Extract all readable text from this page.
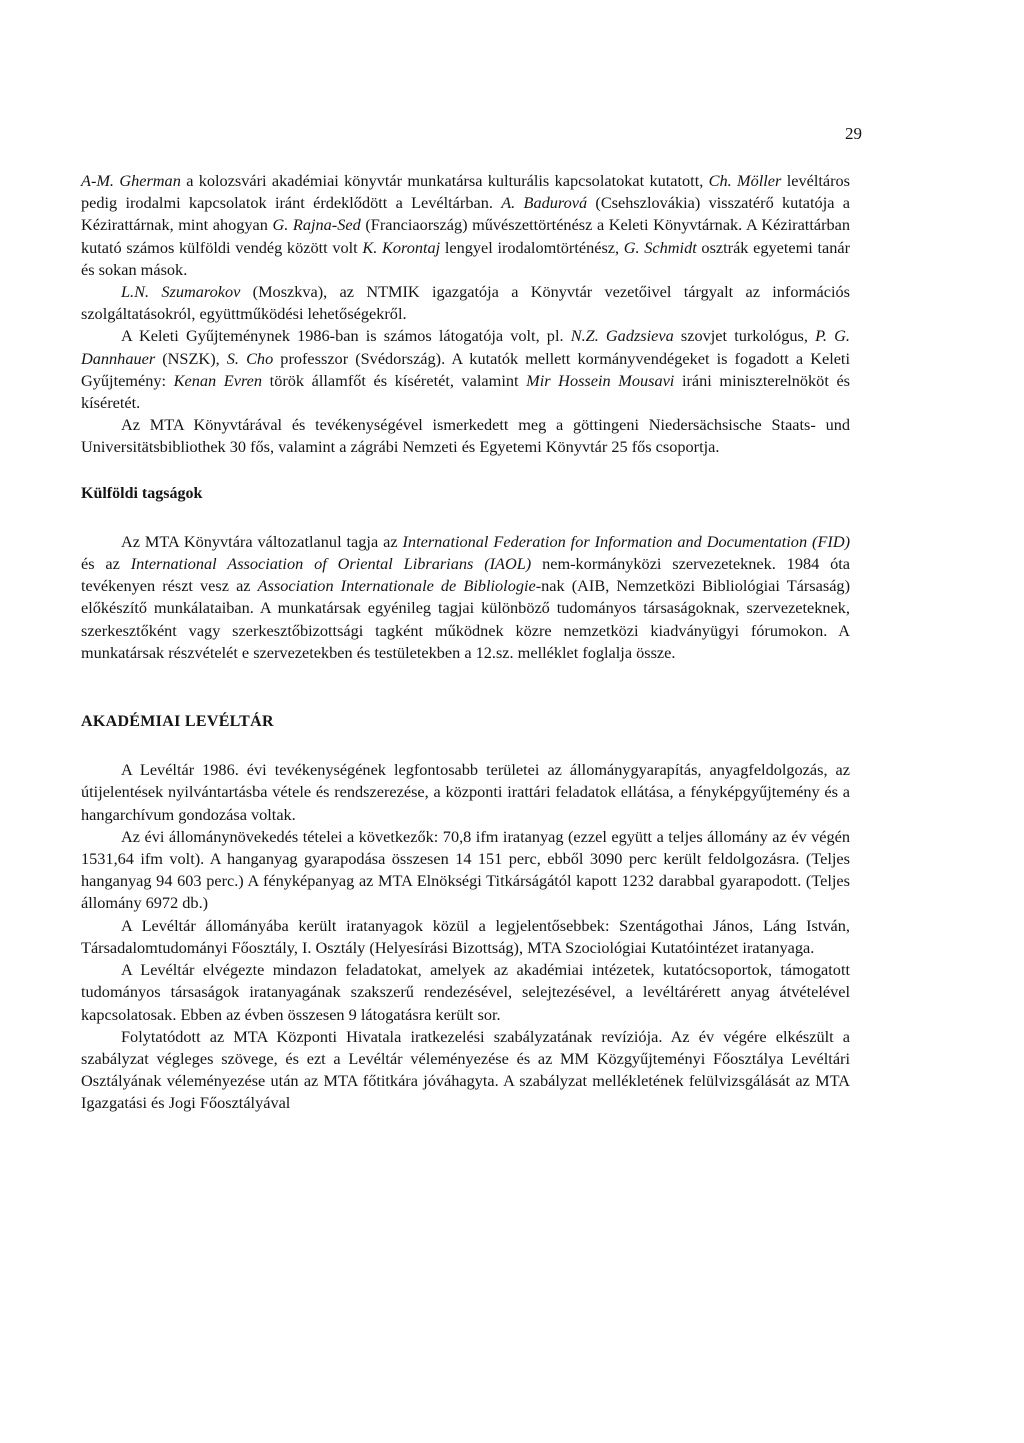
29

A-M. Gherman a kolozsvári akadémiai könyvtár munkatársa kulturális kapcsolatokat kutatott, Ch. Möller levéltáros pedig irodalmi kapcsolatok iránt érdeklődött a Levéltárban. A. Badurová (Csehszlovákia) visszatérő kutatója a Kézirattárnak, mint ahogyan G. Rajna-Sed (Franciaország) művészettörténész a Keleti Könyvtárnak. A Kézirattárban kutató számos külföldi vendég között volt K. Korontaj lengyel irodalomtörténész, G. Schmidt osztrák egyetemi tanár és sokan mások.

L.N. Szumarokov (Moszkva), az NTMIK igazgatója a Könyvtár vezetőivel tárgyalt az információs szolgáltatásokról, együttműködési lehetőségekről.

A Keleti Gyűjteménynek 1986-ban is számos látogatója volt, pl. N.Z. Gadzsieva szovjet turkológus, P. G. Dannhauer (NSZK), S. Cho professzor (Svédország). A kutatók mellett kormányvendégeket is fogadott a Keleti Gyűjtemény: Kenan Evren török államfőt és kíséretét, valamint Mir Hossein Mousavi iráni miniszterelnököt és kíséretét.

Az MTA Könyvtárával és tevékenységével ismerkedett meg a göttingeni Niedersächsische Staats- und Universitätsbibliothek 30 fős, valamint a zágrábi Nemzeti és Egyetemi Könyvtár 25 fős csoportja.

Külföldi tagságok

Az MTA Könyvtára változatlanul tagja az International Federation for Information and Documentation (FID) és az International Association of Oriental Librarians (IAOL) nem-kormányközi szervezeteknek. 1984 óta tevékenyen részt vesz az Association Internationale de Bibliologie-nak (AIB, Nemzetközi Bibliológiai Társaság) előkészítő munkálataiban. A munkatársak egyénileg tagjai különböző tudományos társaságoknak, szervezeteknek, szerkesztőként vagy szerkesztőbizottsági tagként működnek közre nemzetközi kiadványügyi fórumokon. A munkatársak részvételét e szervezetekben és testületekben a 12.sz. melléklet foglalja össze.

AKADÉMIAI LEVÉLTÁR

A Levéltár 1986. évi tevékenységének legfontosabb területei az állománygyarapítás, anyagfeldolgozás, az útijelentések nyilvántartásba vétele és rendszerezése, a központi irattári feladatok ellátása, a fényképgyűjtemény és a hangarchívum gondozása voltak.

Az évi állománynövekedés tételei a következők: 70,8 ifm iratanyag (ezzel együtt a teljes állomány az év végén 1531,64 ifm volt). A hanganyag gyarapodása összesen 14 151 perc, ebből 3090 perc került feldolgozásra. (Teljes hanganyag 94 603 perc.) A fényképanyag az MTA Elnökségi Titkárságától kapott 1232 darabbal gyarapodott. (Teljes állomány 6972 db.)

A Levéltár állományába került iratanyagok közül a legjelentősebbek: Szentágothai János, Láng István, Társadalomtudományi Főosztály, I. Osztály (Helyesírási Bizottság), MTA Szociológiai Kutatóintézet iratanyaga.

A Levéltár elvégezte mindazon feladatokat, amelyek az akadémiai intézetek, kutatócsoportok, támogatott tudományos társaságok iratanyagának szakszerű rendezésével, selejtezésével, a levéltárérett anyag átvételével kapcsolatosak. Ebben az évben összesen 9 látogatásra került sor.

Folytatódott az MTA Központi Hivatala iratkezelési szabályzatának revíziója. Az év végére elkészült a szabályzat végleges szövege, és ezt a Levéltár véleményezése és az MM Közgyűjteményi Főosztálya Levéltári Osztályának véleményezése után az MTA főtitkára jóváhagyta. A szabályzat mellékletének felülvizsgálását az MTA Igazgatási és Jogi Főosztályával
